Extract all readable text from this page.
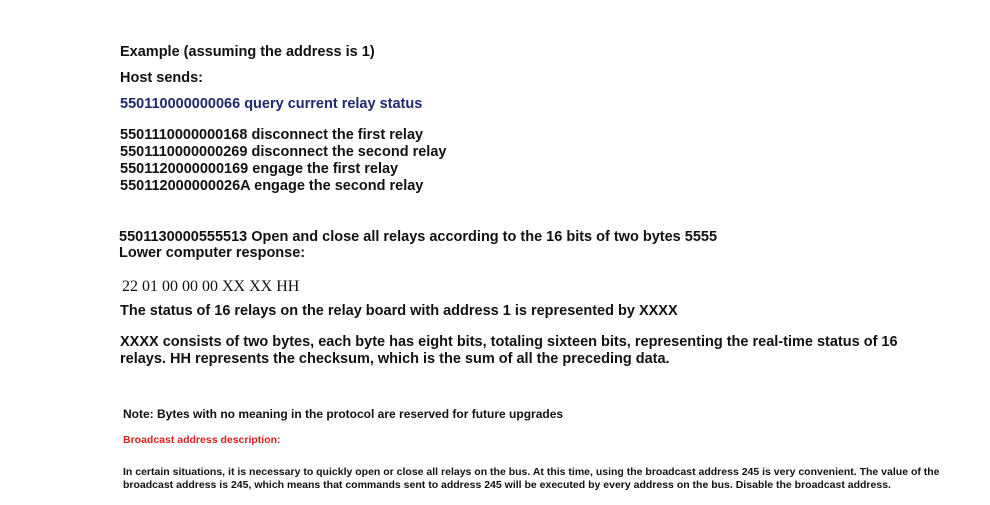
Example (assuming the address is 1)
Host sends:
550110000000066 query current relay status
5501110000000168 disconnect the first relay 5501110000000269 disconnect the second relay 5501120000000169 engage the first relay 550112000000026A engage the second relay
5501130000555513 Open and close all relays according to the 16 bits of two bytes 5555
Lower computer response:
22 01 00 00 00 XX XX HH
The status of 16 relays on the relay board with address 1 is represented by XXXX
XXXX consists of two bytes, each byte has eight bits, totaling sixteen bits, representing the real-time status of 16 relays. HH represents the checksum, which is the sum of all the preceding data.
Note: Bytes with no meaning in the protocol are reserved for future upgrades
Broadcast address description:
In certain situations, it is necessary to quickly open or close all relays on the bus. At this time, using the broadcast address 245 is very convenient. The value of the broadcast address is 245, which means that commands sent to address 245 will be executed by every address on the bus. Disable the broadcast address.
